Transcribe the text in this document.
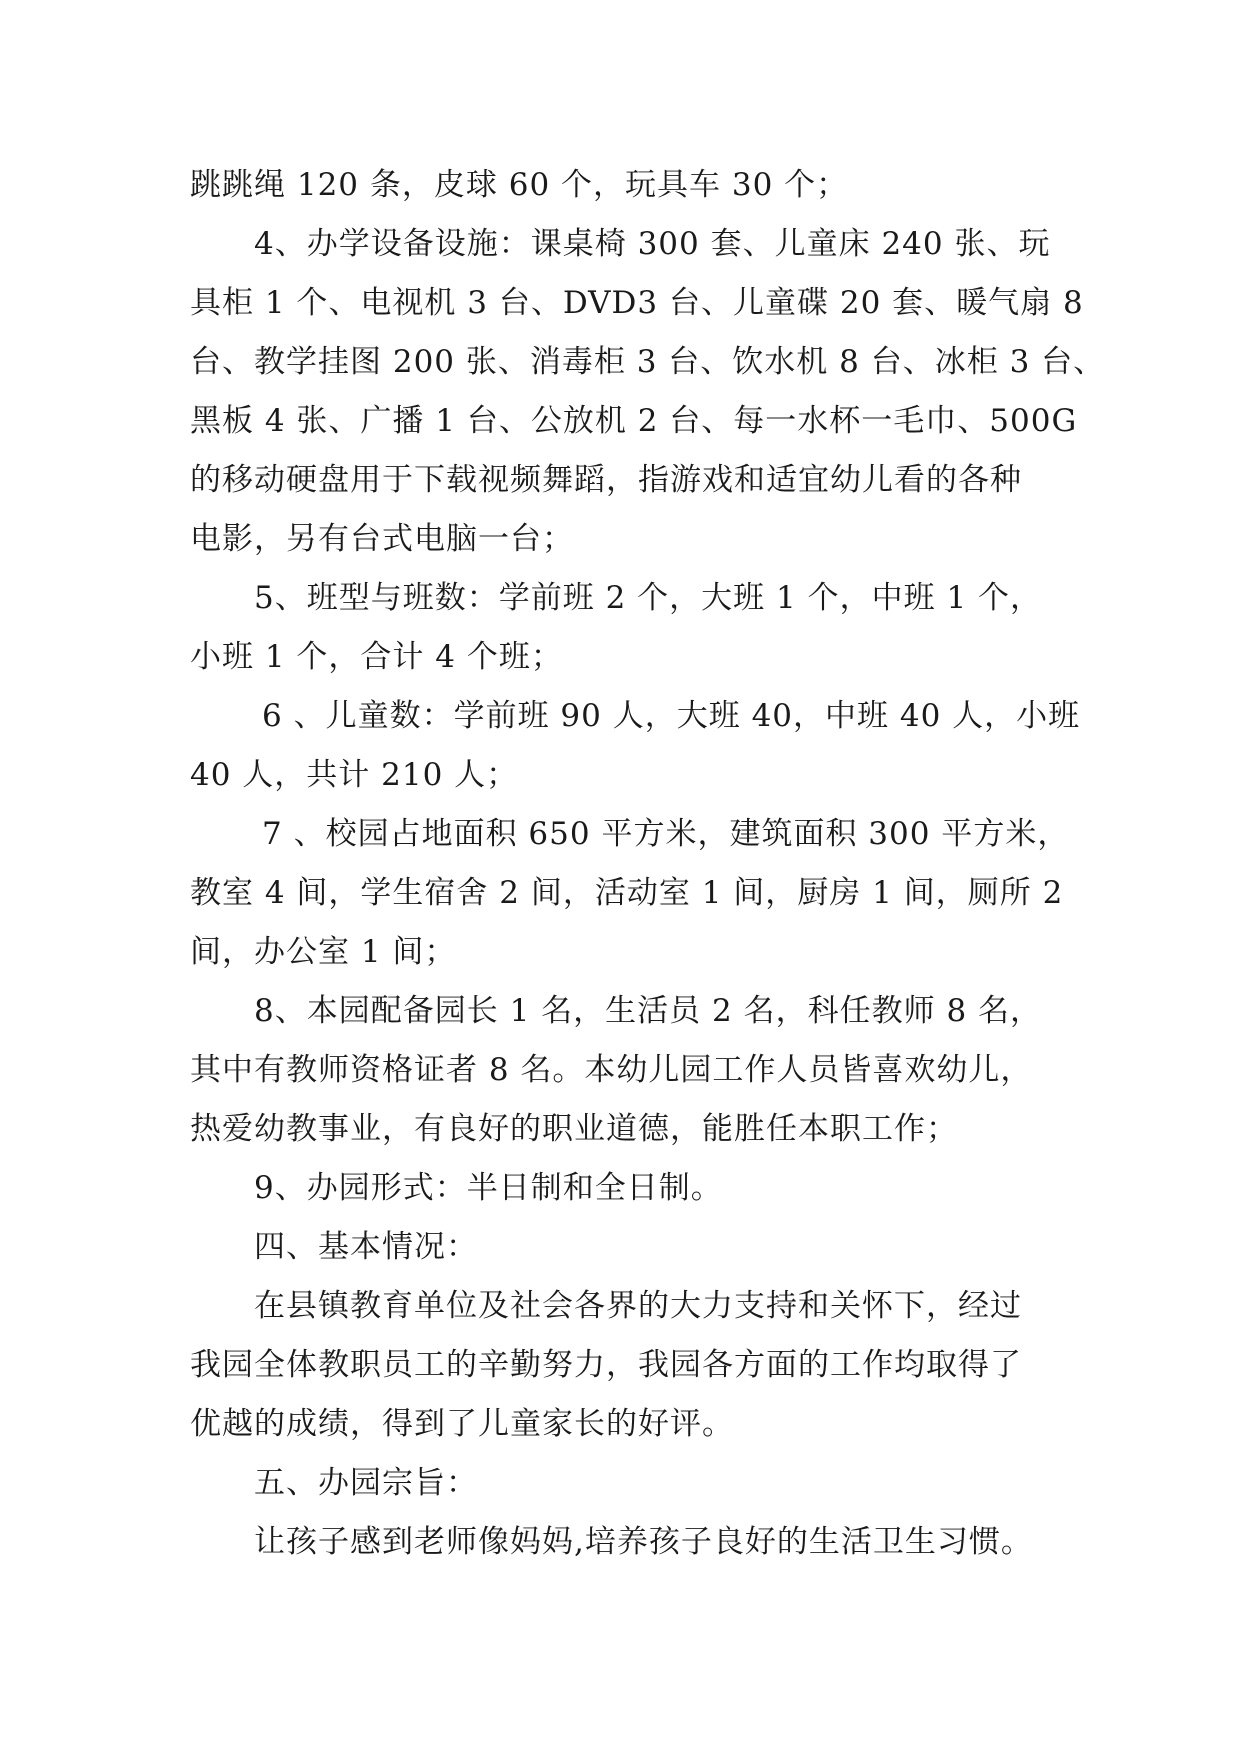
跳跳绳 120 条，皮球 60 个，玩具车 30 个；
4、办学设备设施：课桌椅 300 套、儿童床 240 张、玩
具柜 1 个、电视机 3 台、DVD3 台、儿童碟 20 套、暖气扇 8
台、教学挂图 200 张、消毒柜 3 台、饮水机 8 台、冰柜 3 台、
黑板 4 张、广播 1 台、公放机 2 台、每一水杯一毛巾、500G
的移动硬盘用于下载视频舞蹈，指游戏和适宜幼儿看的各种
电影，另有台式电脑一台；
5、班型与班数：学前班 2 个，大班 1 个，中班 1 个，
小班 1 个，合计 4 个班；
6 、儿童数：学前班 90 人，大班 40，中班 40 人，小班
40 人，共计 210 人；
7 、校园占地面积 650 平方米，建筑面积 300 平方米，
教室 4 间，学生宿舍 2 间，活动室 1 间，厨房 1 间，厕所 2
间，办公室 1 间；
8、本园配备园长 1 名，生活员 2 名，科任教师 8 名，
其中有教师资格证者 8 名。本幼儿园工作人员皆喜欢幼儿，
热爱幼教事业，有良好的职业道德，能胜任本职工作；
9、办园形式：半日制和全日制。
四、基本情况：
在县镇教育单位及社会各界的大力支持和关怀下，经过
我园全体教职员工的辛勤努力，我园各方面的工作均取得了
优越的成绩，得到了儿童家长的好评。
五、办园宗旨：
让孩子感到老师像妈妈,培养孩子良好的生活卫生习惯。
